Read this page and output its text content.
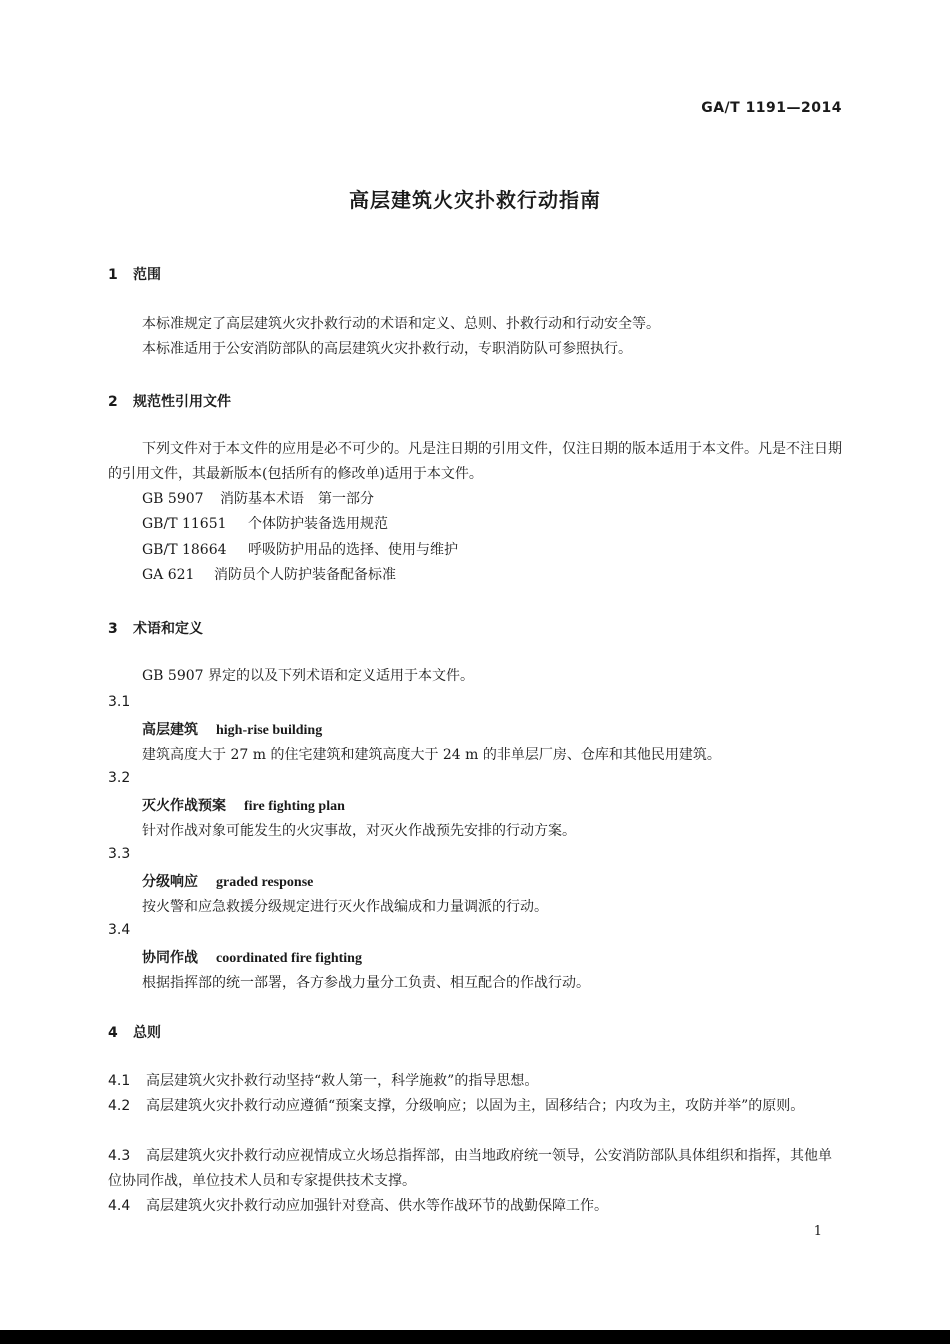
GA/T 1191—2014
高层建筑火灾扑救行动指南
1 范围
本标准规定了高层建筑火灾扑救行动的术语和定义、总则、扑救行动和行动安全等。
本标准适用于公安消防部队的高层建筑火灾扑救行动，专职消防队可参照执行。
2 规范性引用文件
下列文件对于本文件的应用是必不可少的。凡是注日期的引用文件，仅注日期的版本适用于本文件。凡是不注日期的引用文件，其最新版本(包括所有的修改单)适用于本文件。
GB 5907 消防基本术语　第一部分
GB/T 11651 个体防护装备选用规范
GB/T 18664 呼吸防护用品的选择、使用与维护
GA 621 消防员个人防护装备配备标准
3 术语和定义
GB 5907 界定的以及下列术语和定义适用于本文件。
3.1
高层建筑 high-rise building
建筑高度大于 27 m 的住宅建筑和建筑高度大于 24 m 的非单层厂房、仓库和其他民用建筑。
3.2
灭火作战预案 fire fighting plan
针对作战对象可能发生的火灾事故，对灭火作战预先安排的行动方案。
3.3
分级响应 graded response
按火警和应急救援分级规定进行灭火作战编成和力量调派的行动。
3.4
协同作战 coordinated fire fighting
根据指挥部的统一部署，各方参战力量分工负责、相互配合的作战行动。
4 总则
4.1 高层建筑火灾扑救行动坚持“救人第一，科学施救”的指导思想。
4.2 高层建筑火灾扑救行动应遵循“预案支撑，分级响应；以固为主，固移结合；内攻为主，攻防并举”的原则。
4.3 高层建筑火灾扑救行动应视情成立火场总指挥部，由当地政府统一领导，公安消防部队具体组织和指挥，其他单位协同作战，单位技术人员和专家提供技术支撑。
4.4 高层建筑火灾扑救行动应加强针对登高、供水等作战环节的战勤保障工作。
1
